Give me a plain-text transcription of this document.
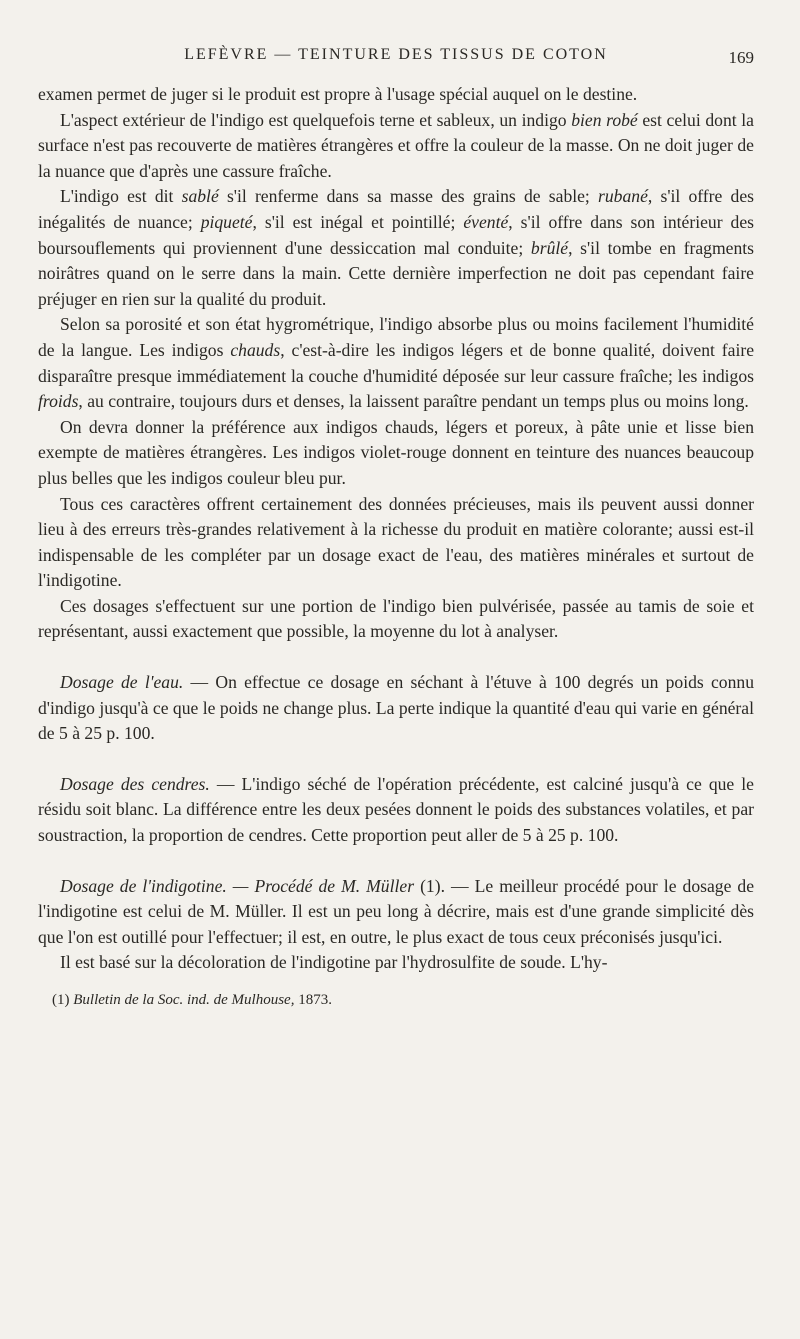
LEFÈVRE — TEINTURE DES TISSUS DE COTON	169

examen permet de juger si le produit est propre à l'usage spécial auquel on le destine.

L'aspect extérieur de l'indigo est quelquefois terne et sableux, un indigo bien robé est celui dont la surface n'est pas recouverte de matières étrangères et offre la couleur de la masse. On ne doit juger de la nuance que d'après une cassure fraîche.

L'indigo est dit sablé s'il renferme dans sa masse des grains de sable; rubané, s'il offre des inégalités de nuance; piqueté, s'il est inégal et pointillé; éventé, s'il offre dans son intérieur des boursouflements qui proviennent d'une dessiccation mal conduite; brûlé, s'il tombe en fragments noirâtres quand on le serre dans la main. Cette dernière imperfection ne doit pas cependant faire préjuger en rien sur la qualité du produit.

Selon sa porosité et son état hygrométrique, l'indigo absorbe plus ou moins facilement l'humidité de la langue. Les indigos chauds, c'est-à-dire les indigos légers et de bonne qualité, doivent faire disparaître presque immédiatement la couche d'humidité déposée sur leur cassure fraîche; les indigos froids, au contraire, toujours durs et denses, la laissent paraître pendant un temps plus ou moins long.

On devra donner la préférence aux indigos chauds, légers et poreux, à pâte unie et lisse bien exempte de matières étrangères. Les indigos violet-rouge donnent en teinture des nuances beaucoup plus belles que les indigos couleur bleu pur.

Tous ces caractères offrent certainement des données précieuses, mais ils peuvent aussi donner lieu à des erreurs très-grandes relativement à la richesse du produit en matière colorante; aussi est-il indispensable de les compléter par un dosage exact de l'eau, des matières minérales et surtout de l'indigotine.

Ces dosages s'effectuent sur une portion de l'indigo bien pulvérisée, passée au tamis de soie et représentant, aussi exactement que possible, la moyenne du lot à analyser.

Dosage de l'eau. — On effectue ce dosage en séchant à l'étuve à 100 degrés un poids connu d'indigo jusqu'à ce que le poids ne change plus. La perte indique la quantité d'eau qui varie en général de 5 à 25 p. 100.

Dosage des cendres. — L'indigo séché de l'opération précédente, est calciné jusqu'à ce que le résidu soit blanc. La différence entre les deux pesées donnent le poids des substances volatiles, et par soustraction, la proportion de cendres. Cette proportion peut aller de 5 à 25 p. 100.

Dosage de l'indigotine. — Procédé de M. Müller (1). — Le meilleur procédé pour le dosage de l'indigotine est celui de M. Müller. Il est un peu long à décrire, mais est d'une grande simplicité dès que l'on est outillé pour l'effectuer; il est, en outre, le plus exact de tous ceux préconisés jusqu'ici.

Il est basé sur la décoloration de l'indigotine par l'hydrosulfite de soude. L'hy-

(1) Bulletin de la Soc. ind. de Mulhouse, 1873.
